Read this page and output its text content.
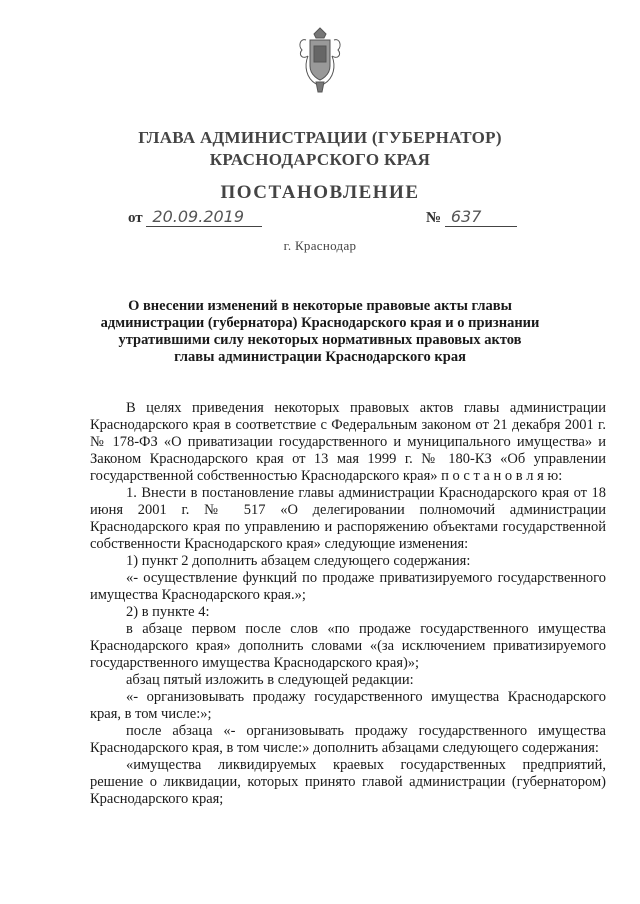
ГЛАВА АДМИНИСТРАЦИИ (ГУБЕРНАТОР)
КРАСНОДАРСКОГО КРАЯ
ПОСТАНОВЛЕНИЕ
от 20.09.2019	№ 637
г. Краснодар
О внесении изменений в некоторые правовые акты главы администрации (губернатора) Краснодарского края и о признании утратившими силу некоторых нормативных правовых актов главы администрации Краснодарского края

В целях приведения некоторых правовых актов главы администрации Краснодарского края в соответствие с Федеральным законом от 21 декабря 2001 г. № 178-ФЗ «О приватизации государственного и муниципального имущества» и Законом Краснодарского края от 13 мая 1999 г. № 180-КЗ «Об управлении государственной собственностью Краснодарского края» п о с т а н о в л я ю:

1. Внести в постановление главы администрации Краснодарского края от 18 июня 2001 г. № 517 «О делегировании полномочий администрации Краснодарского края по управлению и распоряжению объектами государственной собственности Краснодарского края» следующие изменения:

1) пункт 2 дополнить абзацем следующего содержания:

«- осуществление функций по продаже приватизируемого государственного имущества Краснодарского края.»;

2) в пункте 4:

в абзаце первом после слов «по продаже государственного имущества Краснодарского края» дополнить словами «(за исключением приватизируемого государственного имущества Краснодарского края)»;

абзац пятый изложить в следующей редакции:

«- организовывать продажу государственного имущества Краснодарского края, в том числе:»;

после абзаца «- организовывать продажу государственного имущества Краснодарского края, в том числе:» дополнить абзацами следующего содержания:

«имущества ликвидируемых краевых государственных предприятий, решение о ликвидации, которых принято главой администрации (губернатором) Краснодарского края;
